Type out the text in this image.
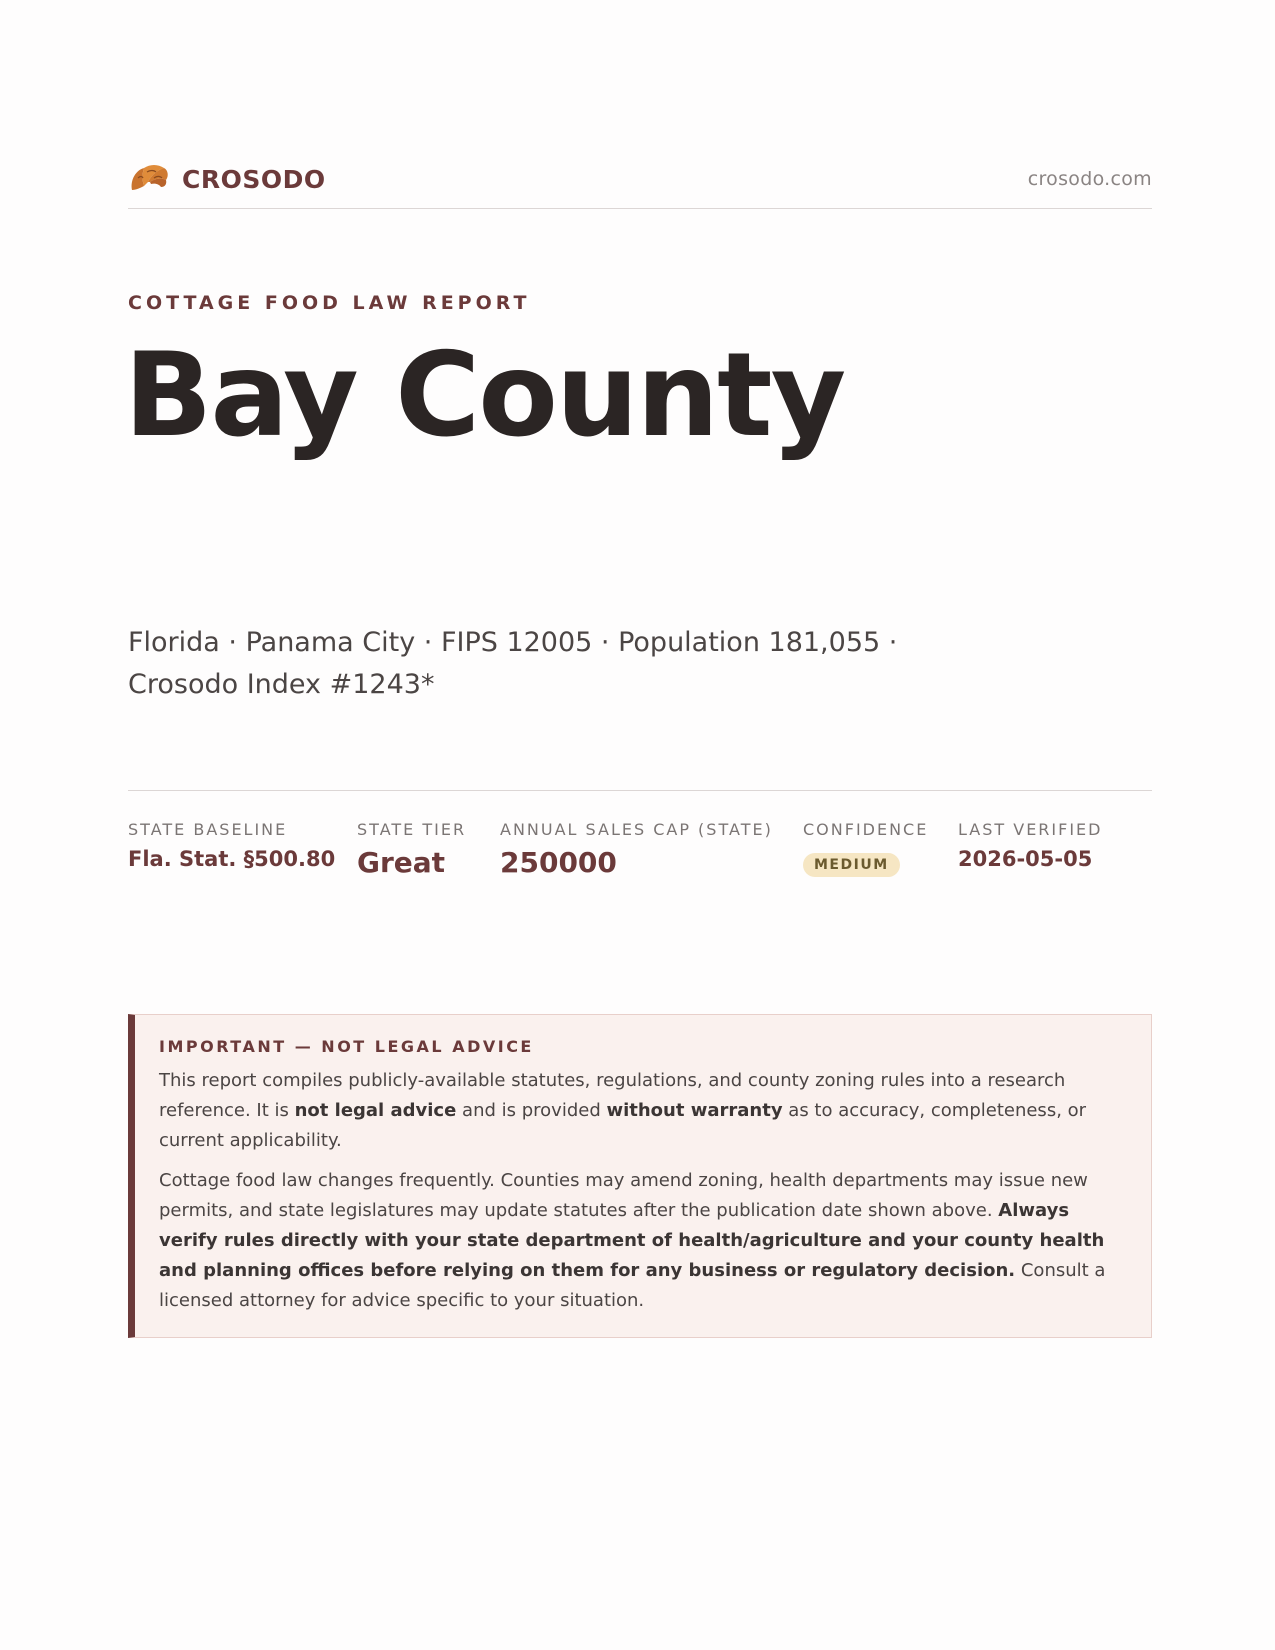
CROSODO	crosodo.com
COTTAGE FOOD LAW REPORT
Bay County
Florida · Panama City · FIPS 12005 · Population 181,055 · Crosodo Index #1243*
STATE BASELINE
Fla. Stat. §500.80
STATE TIER
Great
ANNUAL SALES CAP (STATE)
250000
CONFIDENCE
MEDIUM
LAST VERIFIED
2026-05-05
IMPORTANT — NOT LEGAL ADVICE

This report compiles publicly-available statutes, regulations, and county zoning rules into a research reference. It is not legal advice and is provided without warranty as to accuracy, completeness, or current applicability.

Cottage food law changes frequently. Counties may amend zoning, health departments may issue new permits, and state legislatures may update statutes after the publication date shown above. Always verify rules directly with your state department of health/agriculture and your county health and planning offices before relying on them for any business or regulatory decision. Consult a licensed attorney for advice specific to your situation.
